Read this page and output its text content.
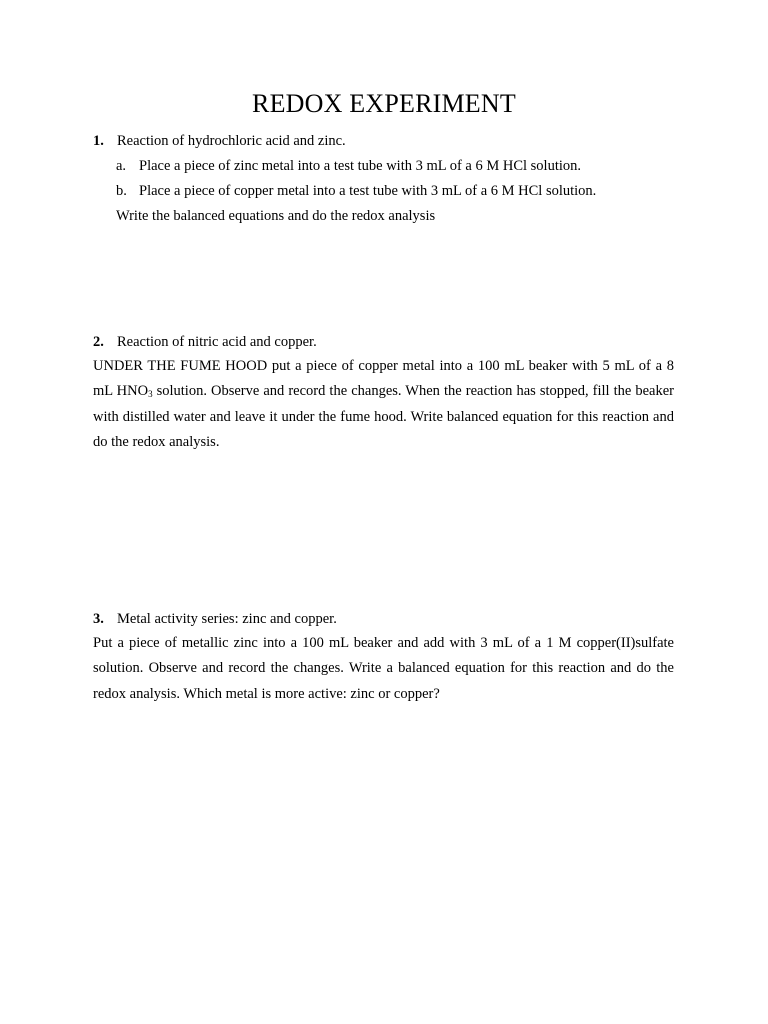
REDOX EXPERIMENT
1. Reaction of hydrochloric acid and zinc.
a. Place a piece of zinc metal into a test tube with 3 mL of a 6 M HCl solution.
b. Place a piece of copper metal into a test tube with 3 mL of a 6 M HCl solution.
Write the balanced equations and do the redox analysis
2. Reaction of nitric acid and copper.
UNDER THE FUME HOOD put a piece of copper metal into a 100 mL beaker with 5 mL of a 8 mL $HNO_3$ solution. Observe and record the changes. When the reaction has stopped, fill the beaker with distilled water and leave it under the fume hood. Write balanced equation for this reaction and do the redox analysis.
3. Metal activity series: zinc and copper.
Put a piece of metallic zinc into a 100 mL beaker and add with 3 mL of a 1 M copper(II)sulfate solution. Observe and record the changes. Write a balanced equation for this reaction and do the redox analysis. Which metal is more active: zinc or copper?
